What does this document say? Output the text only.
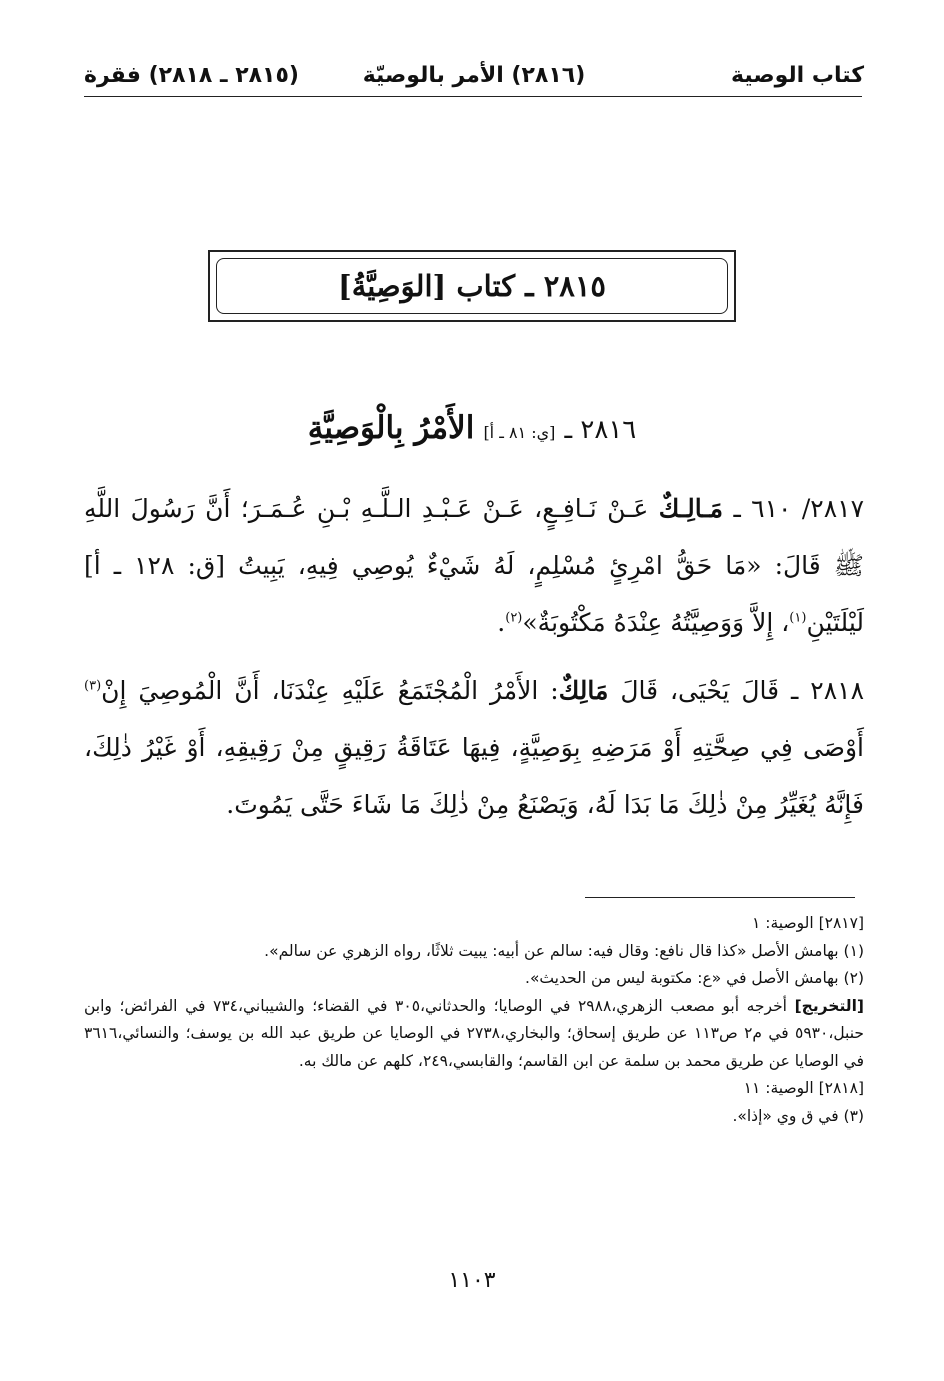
(٢٨١٥ ـ ٢٨١٨) فقرة	(٢٨١٦) الأمر بالوصيّة	كتاب الوصية
٢٨١٥ ـ كتاب [الوَصِيَّةُ]
٢٨١٦ ـ [ي: ٨١ ـ أ] الأَمْرُ بِالْوَصِيَّةِ
٢٨١٧/ ٦١٠ ـ مَـالِـكٌ عَـنْ نَـافِـعٍ، عَـنْ عَـبْـدِ الـلَّـهِ بْـنِ عُـمَـرَ؛ أَنَّ رَسُولَ اللَّهِ ﷺ قَالَ: «مَا حَقُّ امْرِئٍ مُسْلِمٍ، لَهُ شَيْءٌ يُوصِي فِيهِ، يَبِيتُ [ق: ١٢٨ ـ أ] لَيْلَتَيْنِ$^{(١)}$، إِلاَّ وَوَصِيَّتُهُ عِنْدَهُ مَكْتُوبَةٌ»$^{(٢)}$.
٢٨١٨ ـ قَالَ يَحْيَى، قَالَ مَالِكٌ: الأَمْرُ الْمُجْتَمَعُ عَلَيْهِ عِنْدَنَا، أَنَّ الْمُوصِيَ إِنْ$^{(٣)}$ أَوْصَى فِي صِحَّتِهِ أَوْ مَرَضِهِ بِوَصِيَّةٍ، فِيهَا عَتَاقَةُ رَقِيقٍ مِنْ رَقِيقِهِ، أَوْ غَيْرُ ذٰلِكَ، فَإِنَّهُ يُغَيِّرُ مِنْ ذٰلِكَ مَا بَدَا لَهُ، وَيَصْنَعُ مِنْ ذٰلِكَ مَا شَاءَ حَتَّى يَمُوتَ.

[٢٨١٧] الوصية: ١

(١) بهامش الأصل «كذا قال نافع: وقال فيه: سالم عن أبيه: يبيت ثلاثًا، رواه الزهري عن سالم».

(٢) بهامش الأصل في «ع: مكتوبة ليس من الحديث».

[التخريج] أخرجه أبو مصعب الزهري،٢٩٨٨ في الوصايا؛ والحدثاني،٣٠٥ في القضاء؛ والشيباني،٧٣٤ في الفرائض؛ وابن حنبل،٥٩٣٠ في م٢ ص١١٣ عن طريق إسحاق؛ والبخاري،٢٧٣٨ في الوصايا عن طريق عبد الله بن يوسف؛ والنسائي،٣٦١٦ في الوصايا عن طريق محمد بن سلمة عن ابن القاسم؛ والقابسي،٢٤٩، كلهم عن مالك به.

[٢٨١٨] الوصية: ١١

(٣) في ق وي «إذا».

١١٠٣
